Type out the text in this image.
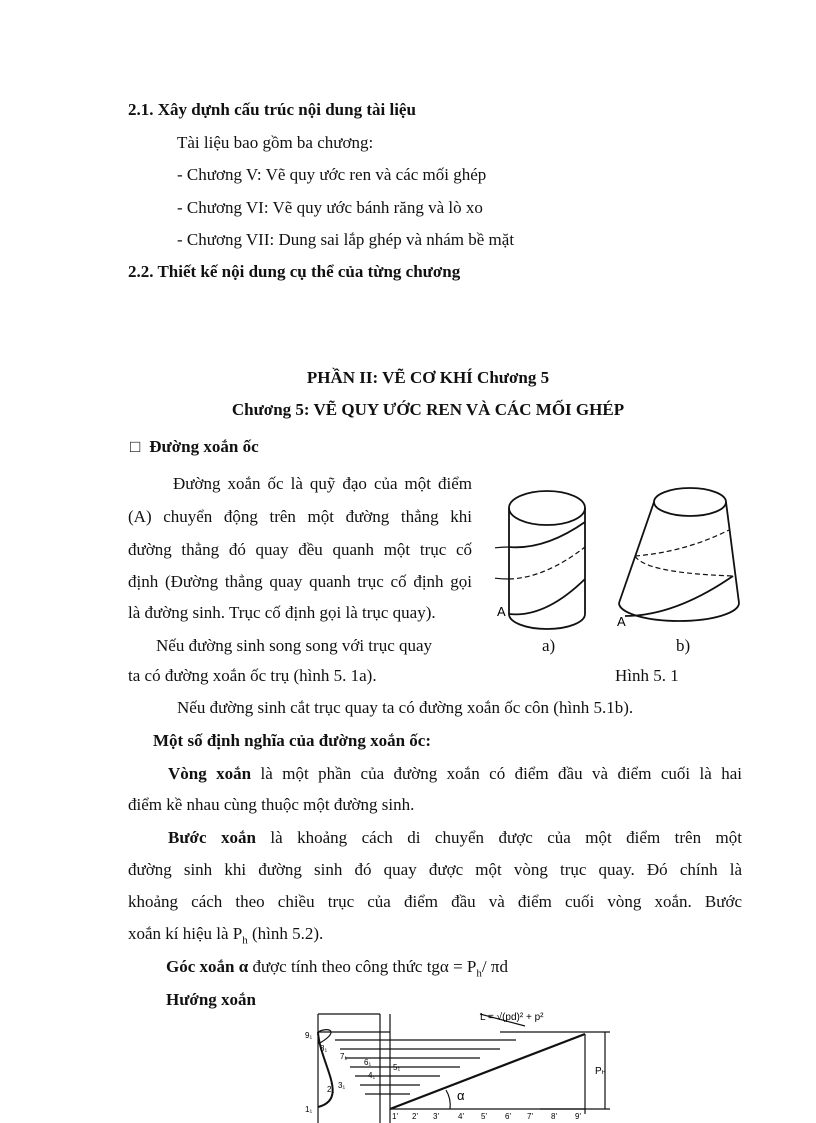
2.1. Xây dựnh cấu trúc nội dung tài liệu
Tài liệu bao gồm ba chương:
- Chương V: Vẽ quy ước ren và các mối ghép
- Chương VI: Vẽ quy ước bánh răng và lò xo
- Chương VII: Dung sai lắp ghép và nhám bề mặt
2.2. Thiết kế nội dung cụ thể của từng chương
PHẦN II: VẼ CƠ KHÍ Chương 5
Chương 5: VẼ QUY ƯỚC REN VÀ CÁC MỐI GHÉP
□ Đường xoắn ốc
Đường xoắn ốc là quỹ đạo của một điểm
(A) chuyển động trên một đường thẳng khi
đường thẳng đó quay đều quanh một trục cố
định (Đường thẳng quay quanh trục cố định gọi
là đường sinh. Trục cố định gọi là trục quay).
Nếu đường sinh song song với trục quay
ta có đường xoắn ốc trụ (hình 5. 1a).
A
A
a)	b)
Hình 5. 1
Nếu đường sinh cắt trục quay ta có đường xoắn ốc côn (hình 5.1b).
Một số định nghĩa của đường xoắn ốc:
Vòng xoắn là một phần của đường xoắn có điểm đầu và điểm cuối là hai
điểm kề nhau cùng thuộc một đường sinh.
Bước xoắn là khoảng cách di chuyển được của một điểm trên một
đường sinh khi đường sinh đó quay được một vòng trục quay. Đó chính là
khoảng cách theo chiều trục của điểm đầu và điểm cuối vòng xoắn. Bước
xoắn kí hiệu là $P_h$ (hình 5.2).
Góc xoắn α được tính theo công thức $tg\alpha = P_h/$ πd
Hướng xoắn
L = √(pd)² + p²
Pₕ
α
9₁
8₁
7₁
6₁
5₁
4₁
3₁
2₁
1₁
1' 2' 3' 4' 5' 6' 7' 8' 9'
